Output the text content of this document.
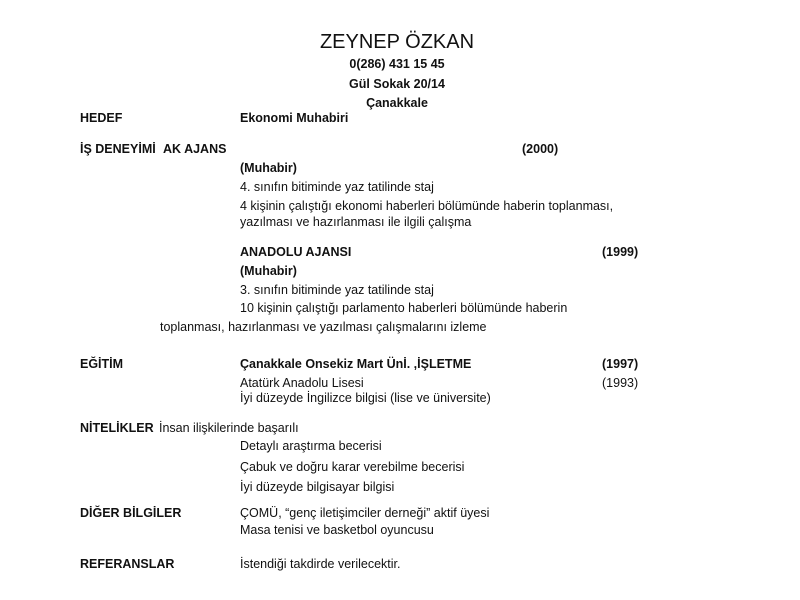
ZEYNEP ÖZKAN
0(286) 431 15 45
Gül Sokak 20/14
Çanakkale
HEDEF	Ekonomi Muhabiri
İŞ DENEYİMİ AK AJANS	(2000)
(Muhabir)
4. sınıfın bitiminde yaz tatilinde staj
4 kişinin çalıştığı ekonomi haberleri bölümünde haberin toplanması,
yazılması ve hazırlanması ile ilgili çalışma
ANADOLU AJANSI	(1999)
(Muhabir)
3. sınıfın bitiminde yaz tatilinde staj
10 kişinin çalıştığı parlamento haberleri bölümünde haberin
toplanması, hazırlanması ve yazılması çalışmalarını izleme
EĞİTİM	Çanakkale Onsekiz Mart Ünİ. ,İŞLETME	(1997)
Atatürk Anadolu Lisesi	(1993)
İyi düzeyde İngilizce bilgisi (lise ve üniversite)
NİTELİKLER İnsan ilişkilerinde başarılı
Detaylı araştırma becerisi
Çabuk ve doğru karar verebilme becerisi
İyi düzeyde bilgisayar bilgisi
DİĞER BİLGİLER	ÇOMÜ, “genç iletişimciler derneği” aktif üyesi
Masa tenisi ve basketbol oyuncusu
REFERANSLAR	İstendiği takdirde verilecektir.
